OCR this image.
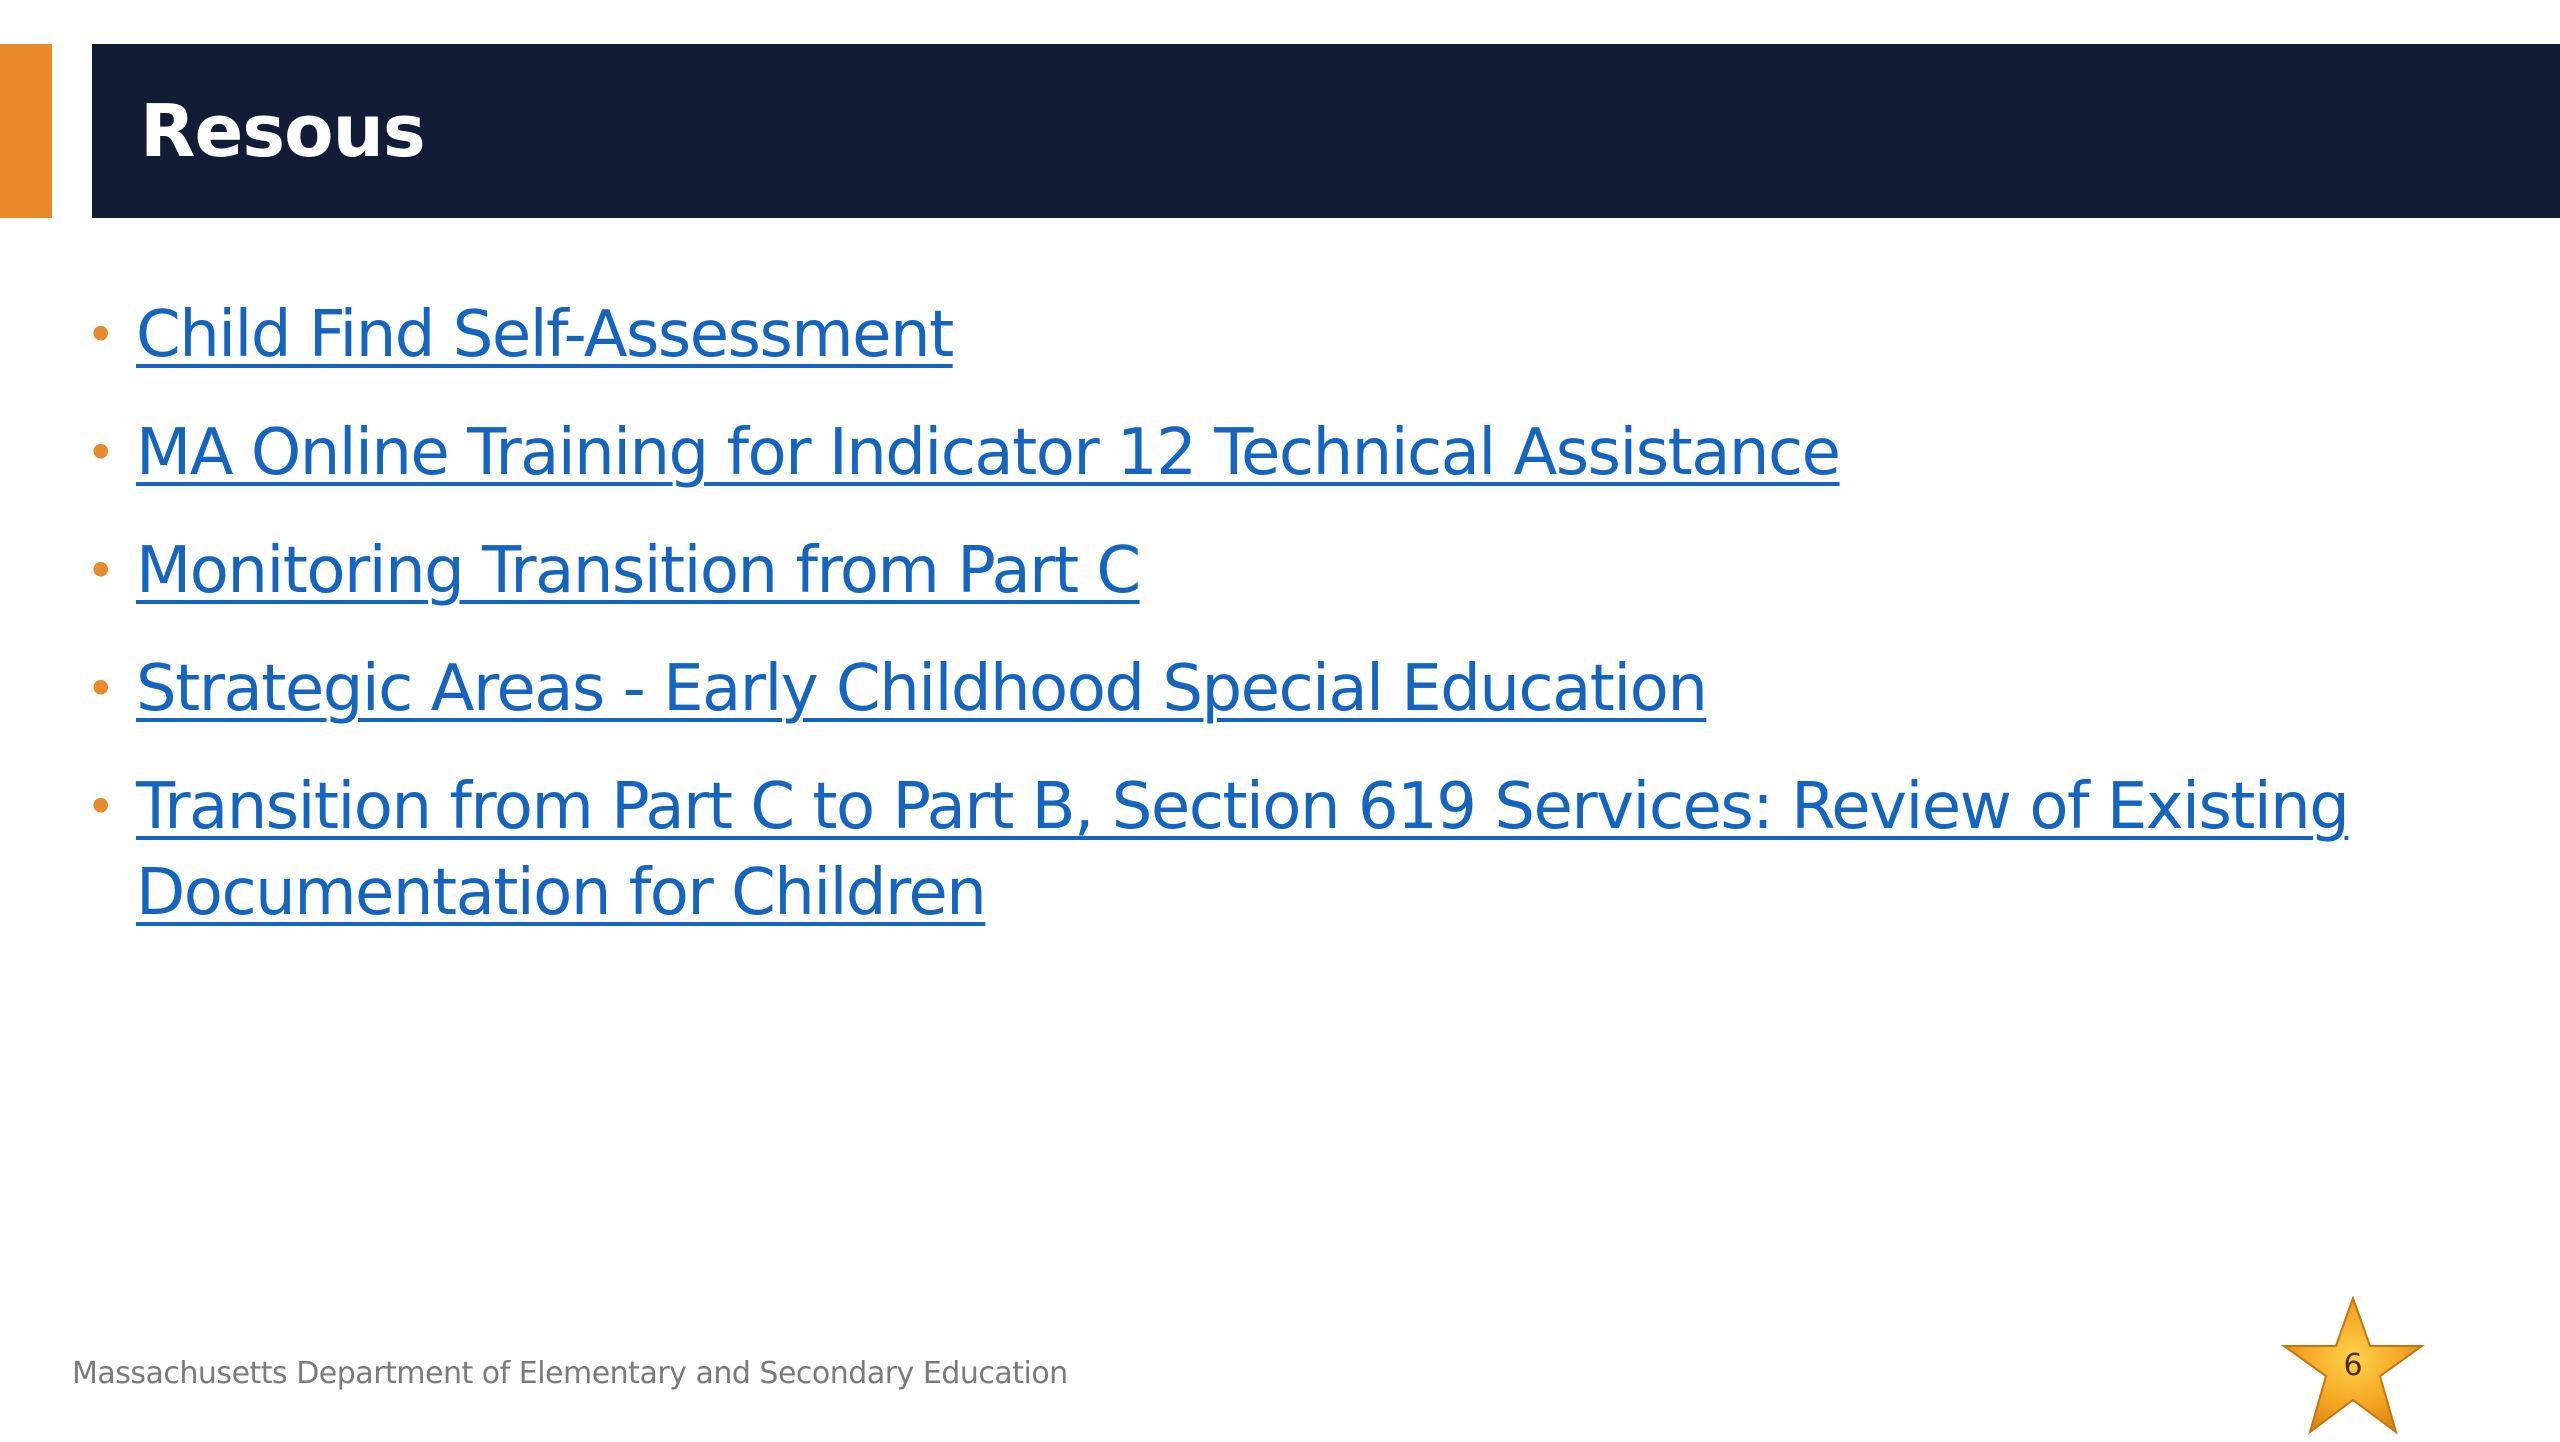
Resous
• Child Find Self-Assessment
• MA Online Training for Indicator 12 Technical Assistance
• Monitoring Transition from Part C
• Strategic Areas - Early Childhood Special Education
• Transition from Part C to Part B, Section 619 Services: Review of Existing Documentation for Children
Massachusetts Department of Elementary and Secondary Education	6
